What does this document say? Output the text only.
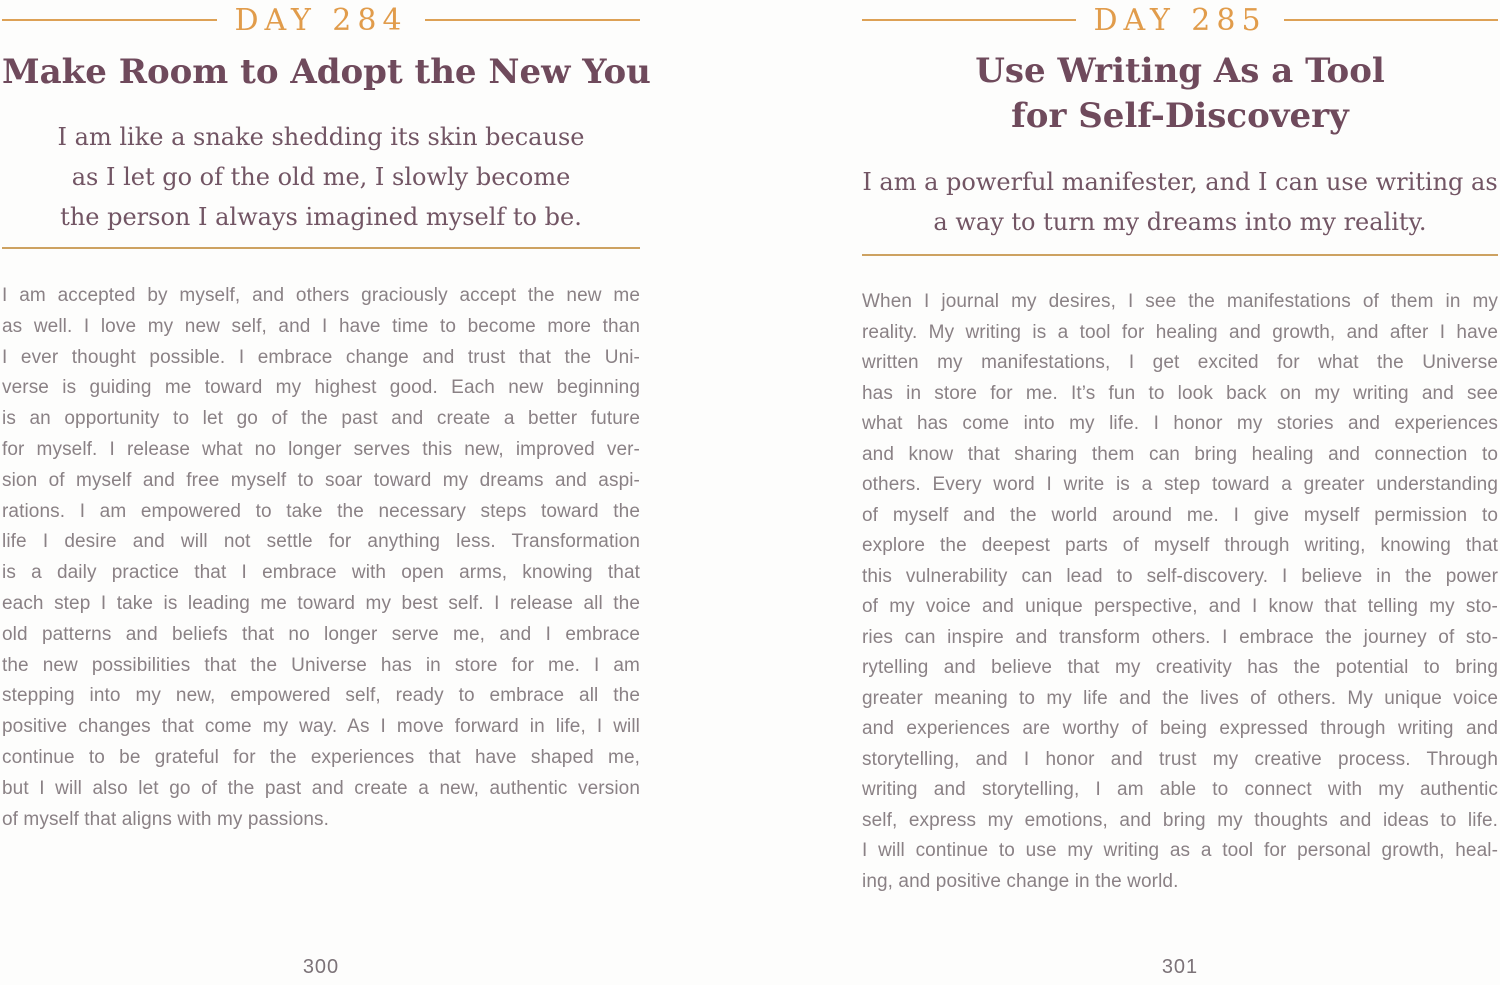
DAY 284
Make Room to Adopt the New You
I am like a snake shedding its skin because
as I let go of the old me, I slowly become
the person I always imagined myself to be.
I am accepted by myself, and others graciously accept the new me
as well. I love my new self, and I have time to become more than
I ever thought possible. I embrace change and trust that the Uni-
verse is guiding me toward my highest good. Each new beginning
is an opportunity to let go of the past and create a better future
for myself. I release what no longer serves this new, improved ver-
sion of myself and free myself to soar toward my dreams and aspi-
rations. I am empowered to take the necessary steps toward the
life I desire and will not settle for anything less. Transformation
is a daily practice that I embrace with open arms, knowing that
each step I take is leading me toward my best self. I release all the
old patterns and beliefs that no longer serve me, and I embrace
the new possibilities that the Universe has in store for me. I am
stepping into my new, empowered self, ready to embrace all the
positive changes that come my way. As I move forward in life, I will
continue to be grateful for the experiences that have shaped me,
but I will also let go of the past and create a new, authentic version
of myself that aligns with my passions.
300
DAY 285
Use Writing As a Tool
for Self-Discovery
I am a powerful manifester, and I can use writing as
a way to turn my dreams into my reality.
When I journal my desires, I see the manifestations of them in my
reality. My writing is a tool for healing and growth, and after I have
written my manifestations, I get excited for what the Universe
has in store for me. It’s fun to look back on my writing and see
what has come into my life. I honor my stories and experiences
and know that sharing them can bring healing and connection to
others. Every word I write is a step toward a greater understanding
of myself and the world around me. I give myself permission to
explore the deepest parts of myself through writing, knowing that
this vulnerability can lead to self-discovery. I believe in the power
of my voice and unique perspective, and I know that telling my sto-
ries can inspire and transform others. I embrace the journey of sto-
rytelling and believe that my creativity has the potential to bring
greater meaning to my life and the lives of others. My unique voice
and experiences are worthy of being expressed through writing and
storytelling, and I honor and trust my creative process. Through
writing and storytelling, I am able to connect with my authentic
self, express my emotions, and bring my thoughts and ideas to life.
I will continue to use my writing as a tool for personal growth, heal-
ing, and positive change in the world.
301
